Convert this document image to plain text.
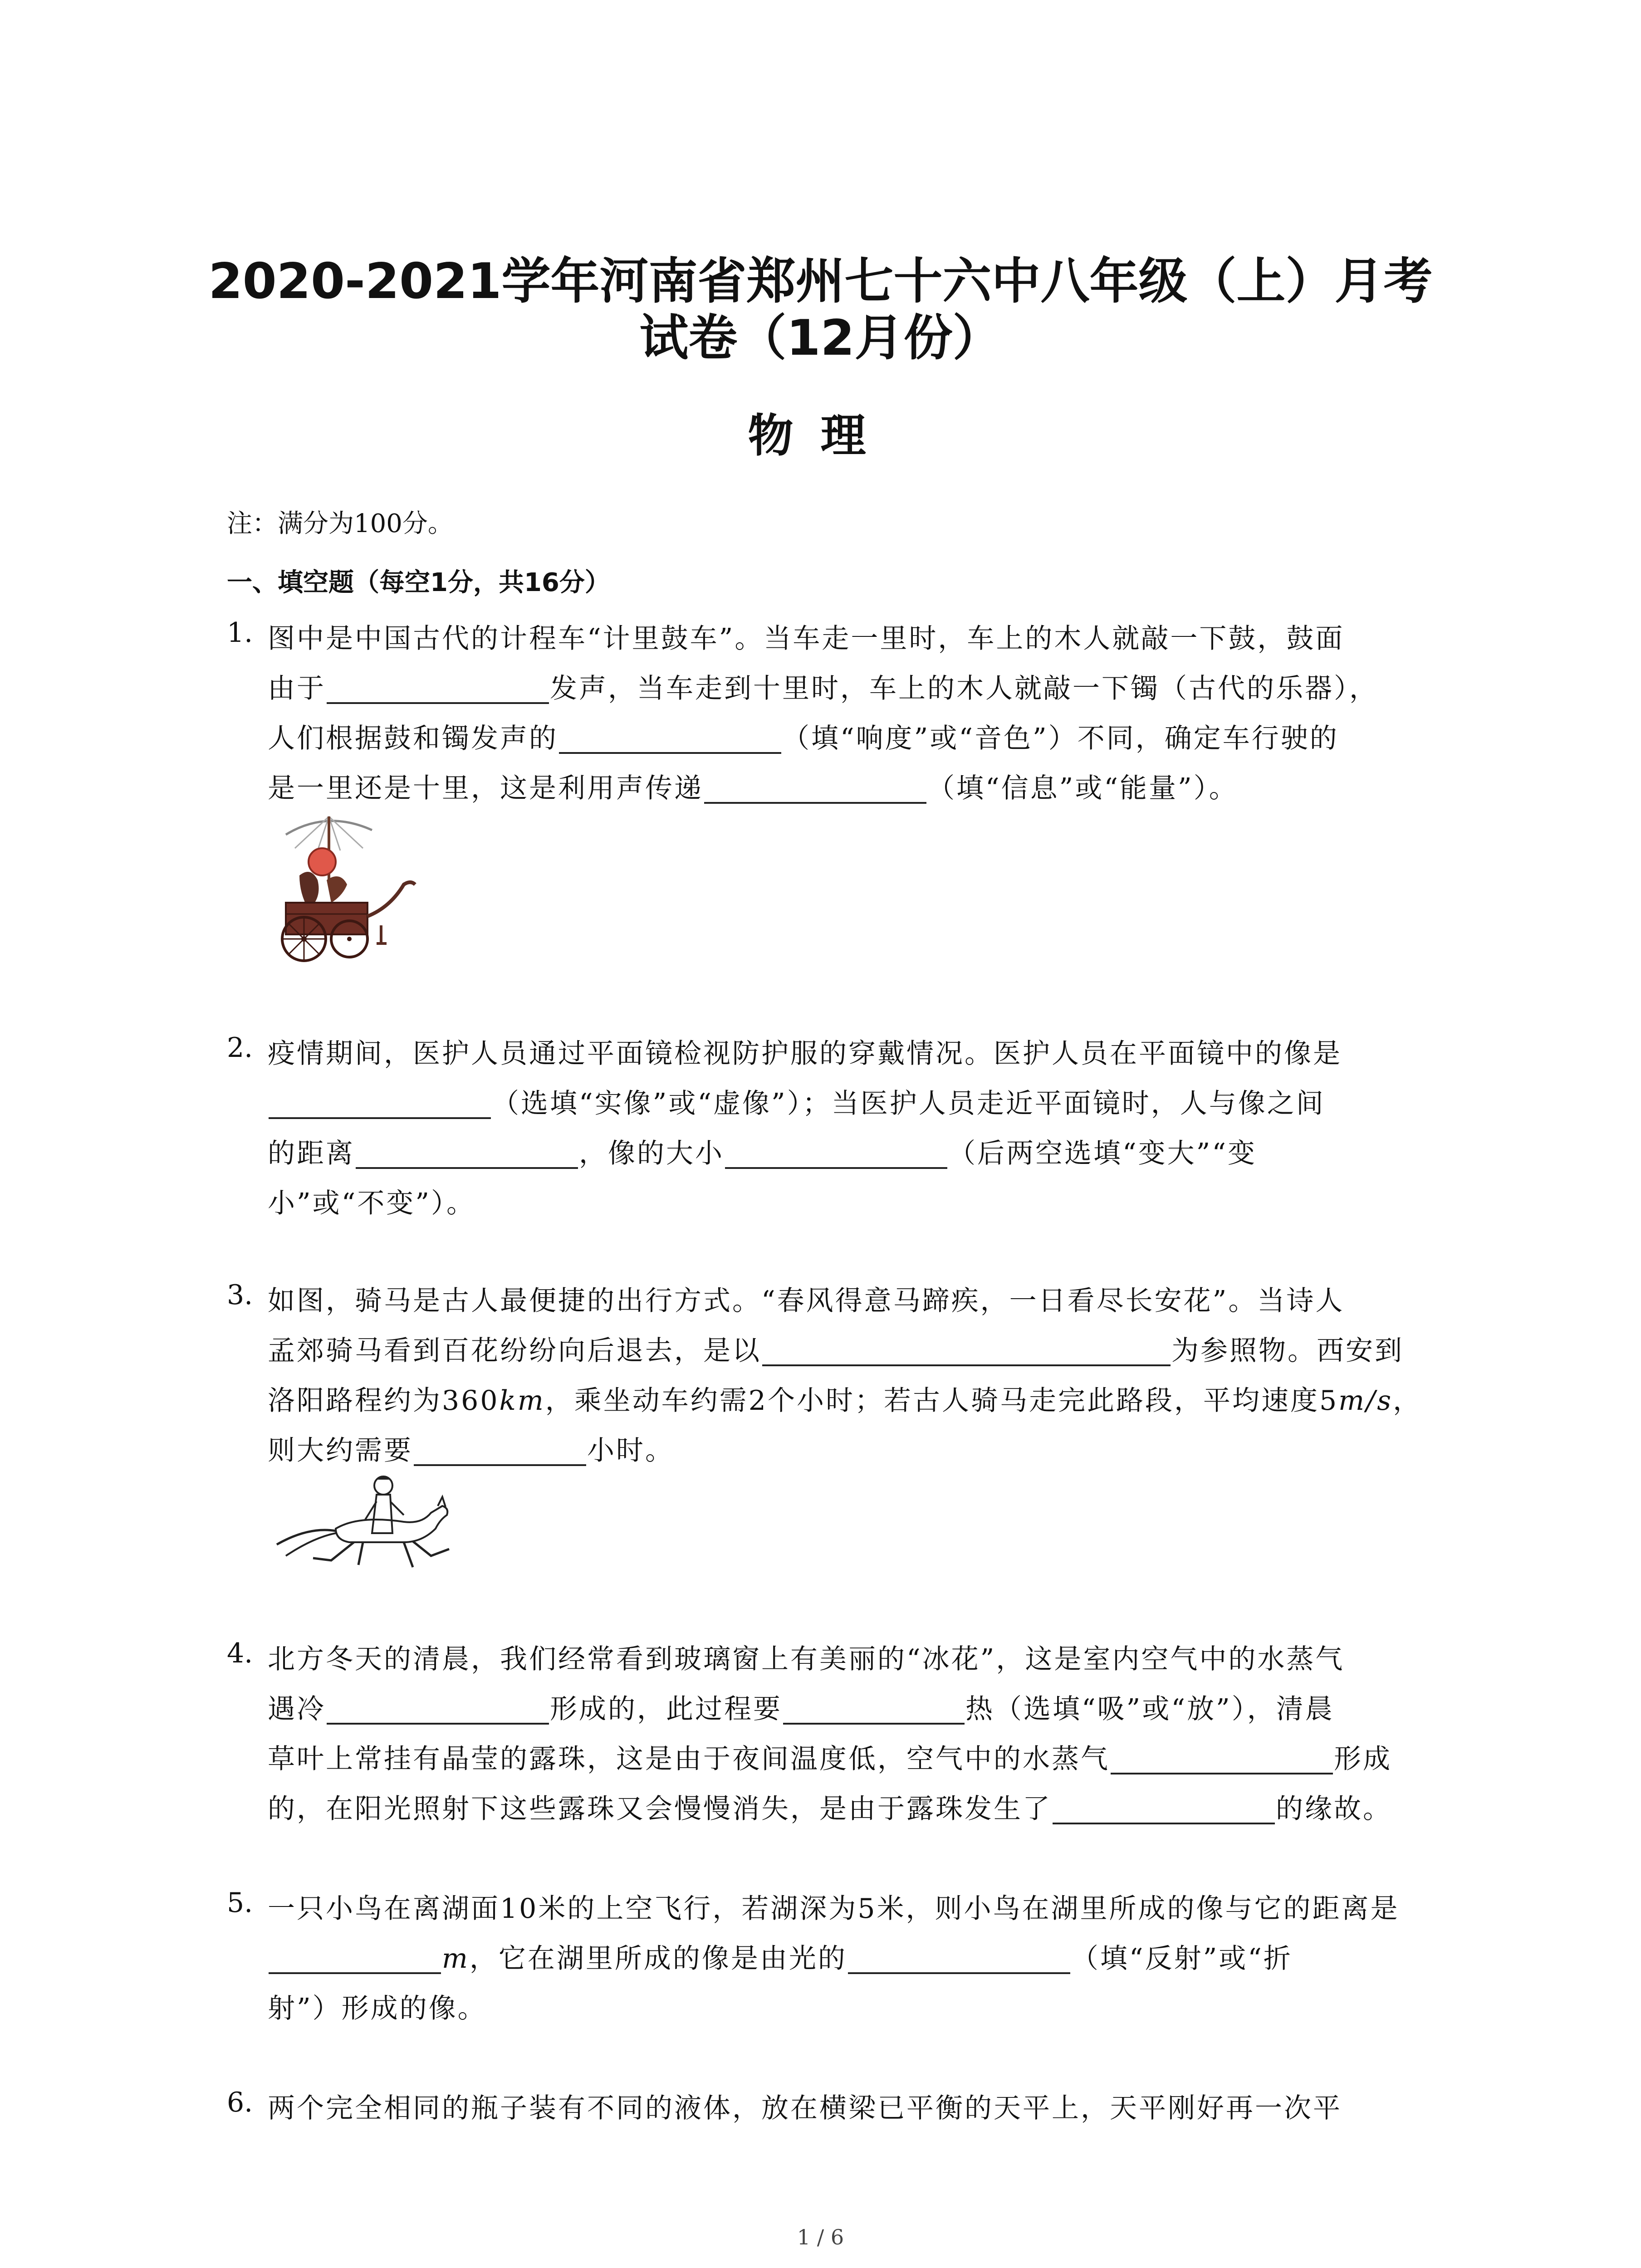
2020-2021学年河南省郑州七十六中八年级（上）月考
试卷（12月份）
物理
注：满分为100分。
一、填空题（每空1分，共16分）
1. 图中是中国古代的计程车“计里鼓车”。当车走一里时，车上的木人就敲一下鼓，鼓面
由于	发声，当车走到十里时，车上的木人就敲一下镯（古代的乐器），
人们根据鼓和镯发声的	（填“响度”或“音色”）不同，确定车行驶的
是一里还是十里，这是利用声传递	（填“信息”或“能量”）。
2. 疫情期间，医护人员通过平面镜检视防护服的穿戴情况。医护人员在平面镜中的像是
（选填“实像”或“虚像”）；当医护人员走近平面镜时，人与像之间
的距离	，像的大小	（后两空选填“变大”“变
小”或“不变”）。
3. 如图，骑马是古人最便捷的出行方式。“春风得意马蹄疾，一日看尽长安花”。当诗人
孟郊骑马看到百花纷纷向后退去，是以	为参照物。西安到
洛阳路程约为360km，乘坐动车约需2个小时；若古人骑马走完此路段，平均速度5m/s，
则大约需要	小时。
4. 北方冬天的清晨，我们经常看到玻璃窗上有美丽的“冰花”，这是室内空气中的水蒸气
遇冷	形成的，此过程要	热（选填“吸”或“放”），清晨
草叶上常挂有晶莹的露珠，这是由于夜间温度低，空气中的水蒸气	形成
的，在阳光照射下这些露珠又会慢慢消失，是由于露珠发生了	的缘故。
5. 一只小鸟在离湖面10米的上空飞行，若湖深为5米，则小鸟在湖里所成的像与它的距离是
m，它在湖里所成的像是由光的	（填“反射”或“折
射”）形成的像。
6. 两个完全相同的瓶子装有不同的液体，放在横梁已平衡的天平上，天平刚好再一次平
1 / 6
